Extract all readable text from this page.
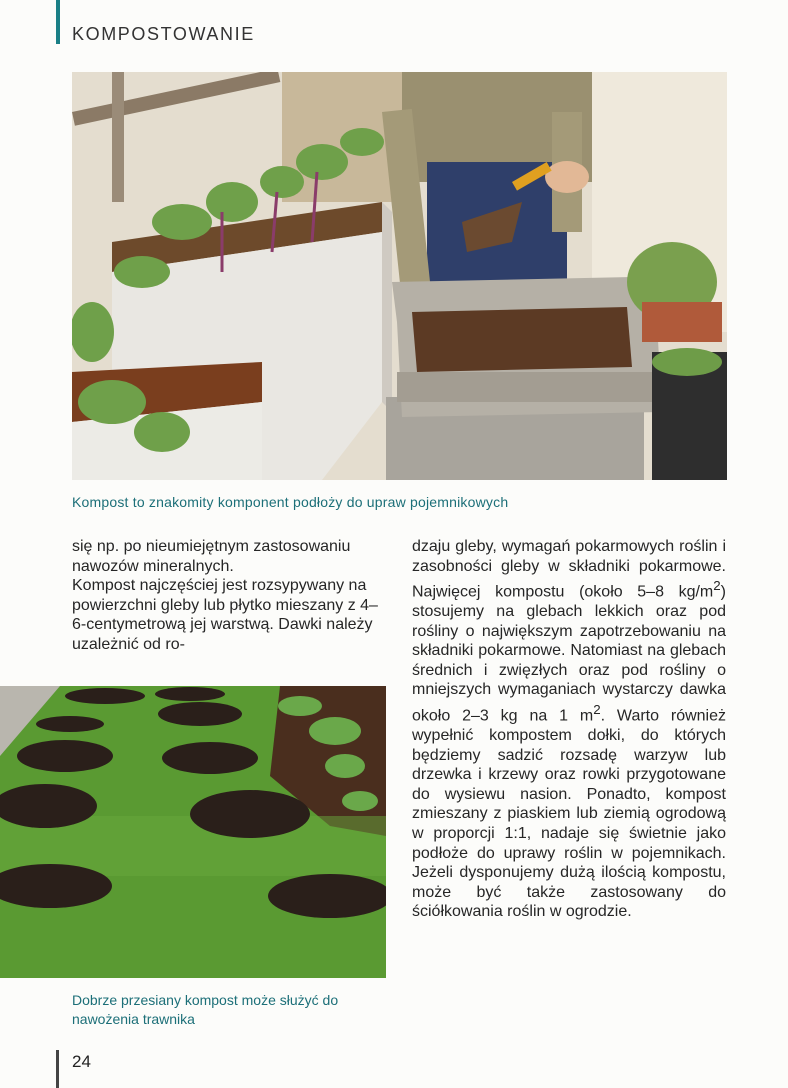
KOMPOSTOWANIE
Kompost to znakomity komponent podłoży do upraw pojemnikowych

się np. po nieumiejętnym zastosowaniu nawozów mineralnych.

Kompost najczęściej jest rozsypywany na powierzchni gleby lub płytko mieszany z 4–6-centymetrową jej warstwą. Dawki należy uzależnić od ro-

dzaju gleby, wymagań pokarmowych roślin i zasobności gleby w składniki pokarmowe. Najwięcej kompostu (około 5–8 $kg/m^2$) stosujemy na glebach lekkich oraz pod rośliny o największym zapotrzebowaniu na składniki pokarmowe. Natomiast na glebach średnich i zwięzłych oraz pod rośliny o mniejszych wymaganiach wystarczy dawka około 2–3 kg na 1 $m^2$. Warto również wypełnić kompostem dołki, do których będziemy sadzić rozsadę warzyw lub drzewka i krzewy oraz rowki przygotowane do wysiewu nasion. Ponadto, kompost zmieszany z piaskiem lub ziemią ogrodową w proporcji 1:1, nadaje się świetnie jako podłoże do uprawy roślin w pojemnikach. Jeżeli dysponujemy dużą ilością kompostu, może być także zastosowany do ściółkowania roślin w ogrodzie.

Dobrze przesiany kompost może służyć do nawożenia trawnika
24
